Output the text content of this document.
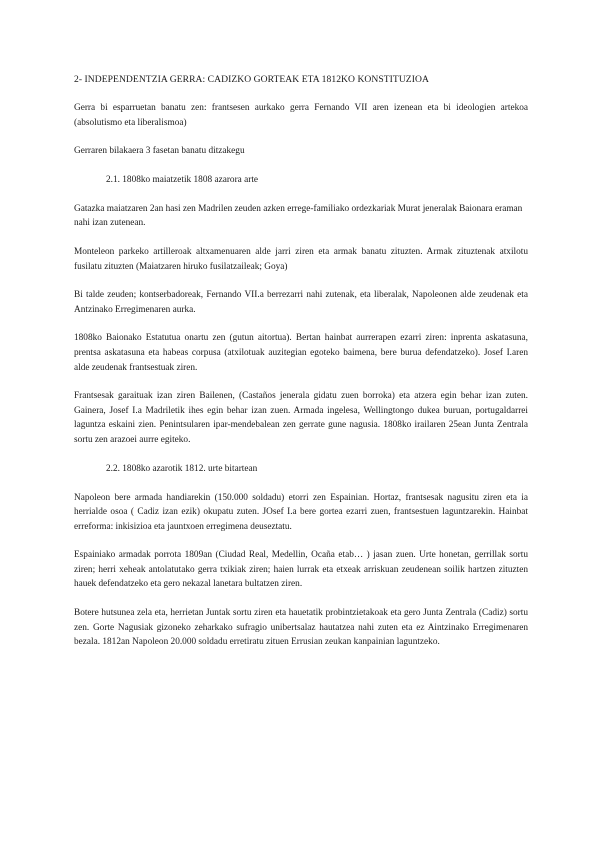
2- INDEPENDENTZIA GERRA: CADIZKO GORTEAK ETA 1812KO KONSTITUZIOA

Gerra bi esparruetan banatu zen: frantsesen aurkako gerra Fernando VII aren izenean eta bi ideologien artekoa (absolutismo eta liberalismoa)

Gerraren bilakaera 3 fasetan banatu ditzakegu

2.1. 1808ko maiatzetik 1808 azarora arte

Gatazka maiatzaren 2an hasi zen Madrilen zeuden azken errege-familiako ordezkariak Murat jeneralak Baionara eraman nahi izan zutenean.

Monteleon parkeko artilleroak altxamenuaren alde jarri ziren eta armak banatu zituzten. Armak zituztenak atxilotu fusilatu zituzten (Maiatzaren hiruko fusilatzaileak; Goya)

Bi talde zeuden; kontserbadoreak, Fernando VII.a berrezarri nahi zutenak, eta liberalak, Napoleonen alde zeudenak eta Antzinako Erregimenaren aurka.

1808ko Baionako Estatutua onartu zen (gutun aitortua). Bertan hainbat aurrerapen ezarri ziren: inprenta askatasuna, prentsa askatasuna eta habeas corpusa (atxilotuak auzitegian egoteko baimena, bere burua defendatzeko). Josef I.aren alde zeudenak frantsestuak ziren.

Frantsesak garaituak izan ziren Bailenen, (Castaños jenerala gidatu zuen borroka) eta atzera egin behar izan zuten. Gainera, Josef I.a Madriletik ihes egin behar izan zuen. Armada ingelesa, Wellingtongo dukea buruan, portugaldarrei laguntza eskaini zien. Penintsularen ipar-mendebalean zen gerrate gune nagusia. 1808ko irailaren 25ean Junta Zentrala sortu zen arazoei aurre egiteko.

2.2. 1808ko azarotik 1812. urte bitartean

Napoleon bere armada handiarekin (150.000 soldadu) etorri zen Espainian. Hortaz, frantsesak nagusitu ziren eta ia herrialde osoa ( Cadiz izan ezik) okupatu zuten. JOsef I.a bere gortea ezarri zuen, frantsestuen laguntzarekin. Hainbat erreforma: inkisizioa eta jauntxoen erregimena deuseztatu.

Espainiako armadak porrota 1809an (Ciudad Real, Medellin, Ocaña etab… ) jasan zuen. Urte honetan, gerrillak sortu ziren; herri xeheak antolatutako gerra txikiak ziren; haien lurrak eta etxeak arriskuan zeudenean soilik hartzen zituzten hauek defendatzeko eta gero nekazal lanetara bultatzen ziren.

Botere hutsunea zela eta, herrietan Juntak sortu ziren eta hauetatik probintzietakoak eta gero Junta Zentrala (Cadiz) sortu zen. Gorte Nagusiak gizoneko zeharkako sufragio unibertsalaz hautatzea nahi zuten eta ez Aintzinako Erregimenaren bezala. 1812an Napoleon 20.000 soldadu erretiratu zituen Errusian zeukan kanpainian laguntzeko.
